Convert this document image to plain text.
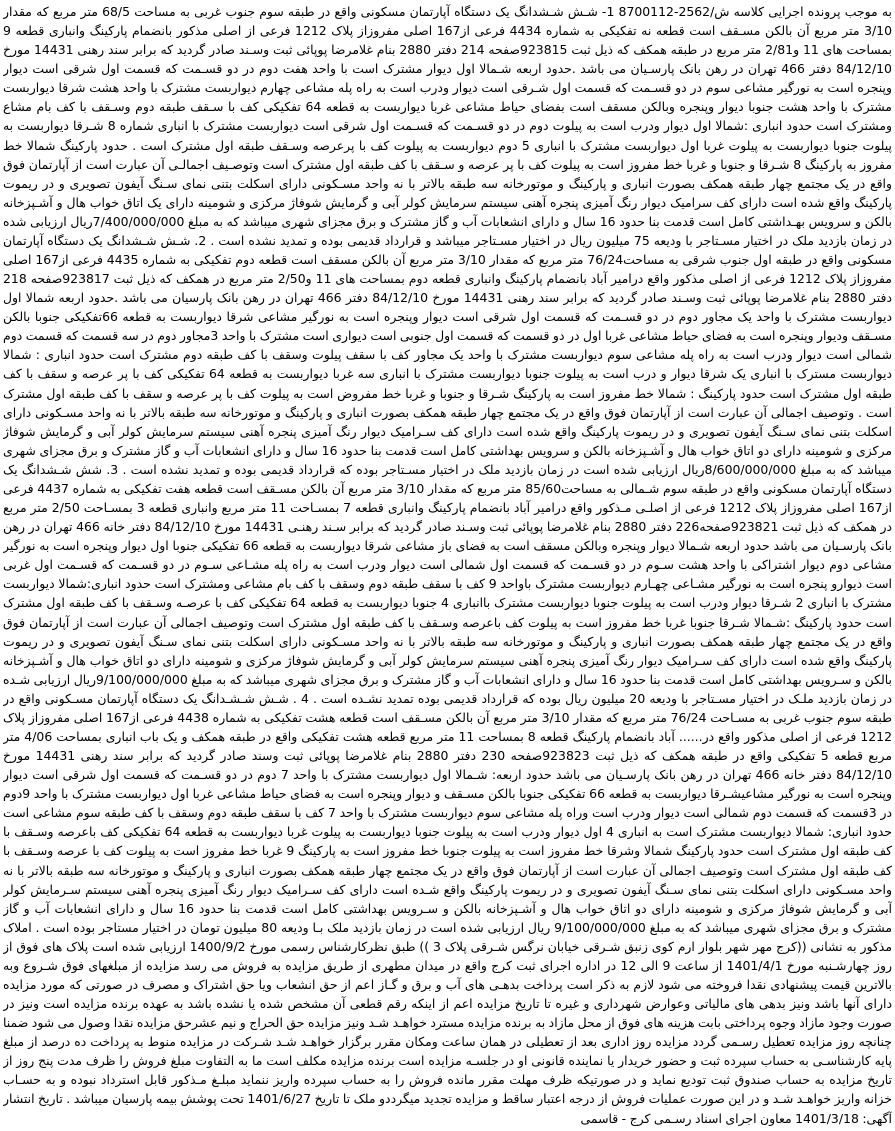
به موجب پرونده اجرایی کلاسه ش/2562-8700112 1- شـش شـشدانگ یک دستگاه آپارتمان مسکونی واقع در طبقه سوم جنوب غربی به مساحت 68/5 متر مربع که مقدار 3/10 متر مربع آن بالکن مسـقف است قطعه نه تفکیکی به شماره 4434 فرعی از167 اصلی مفروزاز پلاک 1212 فرعی از اصلی مذکور بانضمام پارکینگ وانباری قطعه 9 بمساحت های 11 و2/81 متر مربع در طبقه همکف که ذیل ثبت 923815صفحه 214 دفتر 2880 بنام غلامرضا پوپائی ثبت وسـند صادر گردید که برابر سند رهنی 14431 مورخ 84/12/10 دفتر 466 تهران در رهن بانک پارسـیان می باشد .حدود اربعه شـمالا اول دیوار مشترک است با واحد هفت دوم در دو قسـمت که قسمت اول شرقی است دیوار وپنجره است به نورگیر مشاعی سوم در دو قسـمت که قسمت اول شـرقی است دیوار ودرب است به راه پله مشاعی چهارم دیواربست مشترک با واحد هشت شرقا دیواربست مشترک با واحد هشت جنوبا دیوار وپنجره وبالکن مسقف است بفضای حیاط مشاعی غربا دیواربست به قطعه 64 تفکیکی کف با سـقف طبقه دوم وسـقف با کف بام مشاع ومشترک است حدود انباری :شمالا اول دیوار ودرب است به پیلوت دوم در دو قسـمت که قسـمت اول شرقی است دیواربست مشترک با انباری شماره 8 شـرقا دیواربست به پیلوت جنوبا دیواربست به پیلوت غربا اول دیواربست مشترک با انباری 5 دوم دیواربست به پیلوت کف با پرعرصه وسـقف طبقه اول مشترک است . حدود پارکینگ شمالا خط مفروز به پارکینگ 8 شـرقا و جنوبا و غربا خط مفروز است به پیلوت کف با پر عرصه و سـقف با کف طبقه اول مشترک است وتوصـیف اجمالـی آن عبارت است از آپارتمان فوق واقع در یک مجتمع چهار طبقه همکف بصورت انباری و پارکینگ و موتورخانه سه طبقه بالاتر با نه واحد مسـکونی دارای اسکلت بتنی نمای سـنگ آیفون تصویری و در ریموت پارکینگ واقع شده است دارای کف سرامیک دیوار رنگ آمیزی پنجره آهنی سیستم سرمایش کولر آبی و گرمایش شوفاژ مرکزی و شومینه دارای یک اتاق خواب هال و آشـپزخانه بالکن و سرویس بهـداشتی کامل است قدمت بنا حدود 16 سال و دارای انشعابات آب و گاز مشترک و برق مجزای شهری میباشد که به مبلغ 7/400/000/000ریال ارزیابی شده در زمان بازدید ملک در اختیار مسـتاجر با ودیعه 75 میلیون ریال در اختیار مسـتاجر میباشد و قرارداد قدیمی بوده و تمدید نشده است . 2. شـش شـشدانگ یک دستگاه آپارتمان مسکونی واقع در طبقه اول جنوب شرقی به مساحت76/24 متر مربع که مقدار 3/10 متر مربع آن بالکن مسقف است قطعه دوم تفکیکی به شماره 4435 فرعی از167 اصلی مفروزاز پلاک 1212 فرعی از اصلی مذکور واقع درامیر آباد بانضمام پارکینگ وانباری قطعه دوم بمساحت های 11 و2/50 متر مربع در همکف که ذیل ثبت 923817صفحه 218 دفتر 2880 بنام غلامرضا پوپائی ثبت وسـند صادر گردید که برابر سند رهنی 14431 مورخ 84/12/10 دفتر 466 تهران در رهن بانک پارسیان می باشد .حدود اربعه شمالا اول دیواربست مشترک با واحد یک مجاور دوم در دو قسـمت که قسمت اول شرقی است دیوار وپنجره است به نورگیر مشاعی شرقا دیواربست به قطعه 66تفکیکی جنوبا بالکن مسـقف ودیوار وپنجره است به فضای حیاط مشاعی غربا اول در دو قسمت که قسمت اول جنوبی است دیواری است مشترک با واحد 3مجاور دوم در سه قسمت که قسمت دوم شمالی است دیوار ودرب است به راه پله مشاعی سوم دیواربست مشترک با واحد یک مجاور کف با سقف پیلوت وسقف با کف طبقه دوم مشترک است حدود انباری : شمالا دیواربست مسترک با انباری یک شرقا دیوار و درب است به پیلوت جنوبا دیواربست مشترک با انباری سه غربا دیواربست به قطعه 64 تفکیکی کف با پر عرصه و سقف با کف طبقه اول مشترک است حدود پارکینگ : شمالا خط مفروز است به پارکینگ شـرقا و جنوبا و غربا خط مفروض است به پیلوت کف با پر عرصه و سقف با کف طبقه اول مشترک است . وتوصیف اجمالی آن عبارت است از آپارتمان فوق واقع در یک مجتمع چهار طبقه همکف بصورت انباری و پارکینگ و موتورخانه سه طبقه بالاتر با نه واحد مسـکونی دارای اسکلت بتنی نمای سـنگ آیفون تصویری و در ریموت پارکینگ واقع شده است دارای کف سـرامیک دیوار رنگ آمیزی پنجره آهنی سیستم سرمایش کولر آبی و گرمایش شوفاژ مرکزی و شومینه دارای دو اتاق خواب هال و آشـپزخانه بالکن و سرویس بهداشتی کامل است قدمت بنا حدود 16 سال و دارای انشعابات آب و گاز مشترک و برق مجزای شهری میباشد که به مبلغ 8/600/000/000ریال ارزیابی شده است در زمان بازدید ملک در اختیار مسـتاجر بوده که قرارداد قدیمی بوده و تمدید نشده است . 3. شش شـشدانگ یک دستگاه آپارتمان مسکونی واقع در طبقه سوم شـمالی به مساحت85/60 متر مربع که مقدار 3/10 متر مربع آن بالکن مسـقف است قطعه هفت تفکیکی به شماره 4437 فرعی از167 اصلی مفروزاز پلاک 1212 فرعی از اصلـی مـذکور واقع درامیر آباد بانضمام پارکینگ وانباری قطعه 7 بمسـاحت 11 متر مربع وانباری قطعه 3 بمسـاحت 2/50 متر مربع در همکف که ذیل ثبت 923821صفحه226 دفتر 2880 بنام غلامرضا پوپائی ثبت وسـند صادر گردید که برابر سـند رهنـی 14431 مورخ 84/12/10 دفتر خانه 466 تهران در رهن بانک پارسـیان می باشد حدود اربعه شـمالا دیوار وپنجره وبالکن مسقف است به فضای باز مشاعی شرقا دیواربست به قطعه 66 تفکیکی جنوبا اول دیوار وپنجره است به نورگیر مشاعی دوم دیوار اشتراکی با واحد هشت سـوم در دو قسـمت که قسمت اول شمالی است دیوار ودرب است به راه پله مشـاعی سـوم در دو قسـمت که قسـمت اول غربی است دیوارو پنجره است به نورگیر مشـاعی چهـارم دیواربست مشترک باواحد 9 کف با سقف طبقه دوم وسقف با کف بام مشاعی ومشترک است حدود انباری:شمالا دیواربست مشترک با انباری 2 شـرقا دیوار ودرب است به پیلوت جنوبا دیواربست مشترک باانباری 4 جنوبا دیواربست به قطعه 64 تفکیکی کف با عرصـه وسـقف با کف طبقه اول مشترک است حدود پارکینگ :شـمالا شـرقا جنوبا غربا خط مفروز است به پیلوت کف باعرصه وسـقف با کف طبقه اول مشترک است وتوصیف اجمالی آن عبارت است از آپارتمان فوق واقع در یک مجتمع چهار طبقه همکف بصورت انباری و پارکینگ و موتورخانه سه طبقه بالاتر با نه واحد مسـکونی دارای اسکلت بتنی نمای سـنگ آیفون تصویری و در ریموت پارکینگ واقع شده است دارای کف سـرامیک دیوار رنگ آمیزی پنجره آهنی سیستم سرمایش کولر آبی و گرمایش شوفاژ مرکزی و شومینه دارای دو اتاق خواب هال و آشـپزخانه بالکن و سـرویس بهداشتی کامل است قدمت بنا حدود 16 سال و دارای انشعابات آب و گاز مشترک و برق مجزای شهری میباشد که به مبلغ 9/100/000/000ریال ارزیابی شـده در زمان بازدید ملـک در اختیار مسـتاجر با ودیعه 20 میلیون ریال بوده که قرارداد قدیمی بوده تمدید نشـده است . 4 . شـش شـشـدانگ یک دستگاه آپارتمان مسـکونی واقع در طبقه سوم جنوب غربی به مسـاحت 76/24 متر مربع که مقدار 3/10 متر مربع آن بالکن مسـقف است قطعه هشت تفکیکی به شماره 4438 فرعی از167 اصلی مفروزاز پلاک 1212 فرعی از اصلی مذکور واقع در...... آباد بانضمام پارکینگ قطعه 8 بمساحت 11 متر مربع قطعه هشت تفکیکی واقع در طبقه همکف و یک باب انباری بمساحت 4/06 متر مربع قطعه 5 تفکیکی واقع در طبقه همکف که ذیل ثبت 923823صفحه 230 دفتر 2880 بنام غلامرضا پوپائی ثبت وسند صادر گردید که برابر سند رهنی 14431 مورخ 84/12/10 دفتر خانه 466 تهران در رهن بانک پارسـیان می باشد حدود اربعه: شـمالا اول دیواربست مشترک با واحد 7 دوم در دو قسـمت که قسمت اول شرقی است دیوار وپنجره است به نورگیر مشاعیشـرقا دیواربست به قطعه 66 تفکیکی جنوبا بالکن مسـقف و دیوار وپنجره است به فضای حیاط مشاعی غربا اول دیواربست مشترک با واحد 9دوم در 3قسمت که قسمت دوم شمالی است دیوار ودرب است وراه پله مشاعی سوم دیواربست مشترک با واحد 7 کف با سقف طبقه دوم وسقف با کف طبقه سوم مشاعی است حدود انباری: شمالا دیواربست مشترک است به انباری 4 اول دیوار ودرب است به پیلوت جنوبا دیواربست به پیلوت غربا دیواربست به قطعه 64 تفکیکی کف باعرصه وسـقف با کف طبقه اول مشترک است حدود پارکینگ شمالا وشرقا خط مفروز است به پیلوت جنوبا خط مفروز است به پارکینگ 9 غربا خط مفروز است به پیلوت کف با عرصه وسـقف با کف طبقه اول مشترک است وتوصیف اجمالی آن عبارت است از آپارتمان فوق واقع در یک مجتمع چهار طبقه همکف بصورت انباری و پارکینگ و موتورخانه سه طبقه بالاتر با نه واحد مسـکونی دارای اسکلت بتنی نمای سـنگ آیفون تصویری و در ریموت پارکینگ واقع شـده است دارای کف سـرامیک دیوار رنگ آمیزی پنجره آهنی سیستم سـرمایش کولر آبی و گرمایش شوفاژ مرکزی و شومینه دارای دو اتاق خواب هال و آشـپزخانه بالکن و سـرویس بهداشتی کامل است قدمت بنا حدود 16 سال و دارای انشعابات آب و گاز مشترک و برق مجزای شهری میباشد که به مبلغ 9/100/000/000 ریال ارزیابی شده است در زمان بازدید ملک بـا ودیعه 80 میلیون تومان در اختیار مستاجر بوده است . املاک مذکور به نشانی ((کرج مهر شهر بلوار ارم کوی زنبق شـرقی خیابان نرگس شـرقی پلاک 3 )) طبق نظرکارشناس رسمی مورخ 1400/9/2 ارزیابی شده است پلاک های فوق از روز چهارشـنبه مورخ 1401/4/1 از ساعت 9 الی 12 در اداره اجرای ثبت کرج واقع در میدان مطهری از طریق مزایده به فروش می رسد مزایده از مبلغهای فوق شـروع وبه بالاترین قیمت پیشنهادی نقدا فروخته می شود لازم به ذکر است پرداخت بدهـی های آب و برق و گـاز اعم از حق انشعاب ویا حق اشتراک و مصرف در صورتی که مورد مزایده دارای آنها باشد ونیز بدهی های مالیاتی وعوارض شهرداری و غیره تا تاریخ مزایده اعم از اینکه رقم قطعی آن مشخص شده یا نشده باشد به عهده برنده مزایده است ونیز در صورت وجود مازاد وجوه پرداختی بابت هزینه های فوق از محل مازاد به برنده مزایده مسترد خواهـد شـد ونیز مزایده حق الحراج و نیم عشرحق مزایده نقدا وصول می شود ضمنا چنانچه روز مزایده تعطیل رسـمی گردد مزایده روز اداری بعد از تعطیلی در همان ساعت ومکان مقرر برگزار خواهـد شـد شـرکت در مزایده منوط به پرداخت ده درصد از مبلغ پایه کارشناسـی به حساب سپرده ثبت و حضور خریدار یا نماینده قانونی او در جلسـه مزایده است برنده مزایده مکلف است ما به التفاوت مبلغ فروش را ظرف مدت پنج روز از تاریخ مزایده به حساب صندوق ثبت تودیع نماید و در صورتیکه ظرف مهلت مقرر مانده فروش را به حساب سپرده واریز ننماید مبلـغ مـذکور قابل استرداد نبوده و به حسـاب خزانه واریز خواهـد شـد و در این صورت عملیات فروش از درجه اعتبار ساقط و مزایده تجدید میگرددو ملک تا تاریخ 1401/6/27 تحت پوشش بیمه پارسیان میباشد . تاریخ انتشار آگهی: 1401/3/18 معاون اجرای اسناد رسـمی کرج - قاسمی
